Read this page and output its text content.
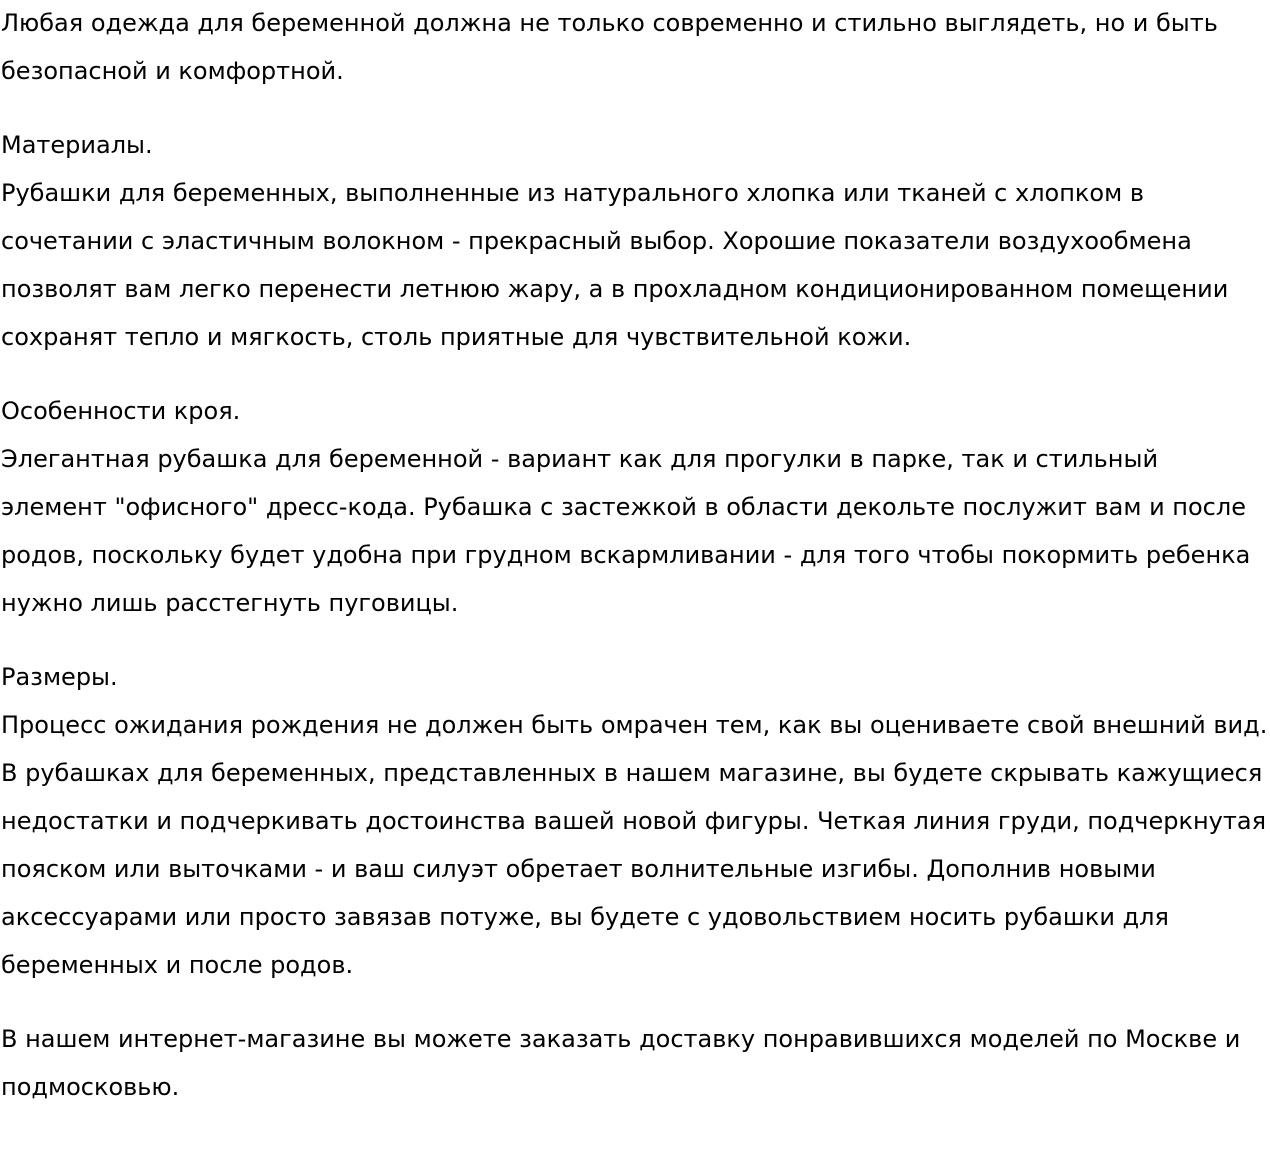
Любая одежда для беременной должна не только современно и стильно выглядеть, но и быть безопасной и комфортной.
Материалы.
Рубашки для беременных, выполненные из натурального хлопка или тканей с хлопком в сочетании с эластичным волокном - прекрасный выбор. Хорошие показатели воздухообмена позволят вам легко перенести летнюю жару, а в прохладном кондиционированном помещении сохранят тепло и мягкость, столь приятные для чувствительной кожи.
Особенности кроя.
Элегантная рубашка для беременной - вариант как для прогулки в парке, так и стильный элемент "офисного" дресс-кода. Рубашка с застежкой в области декольте послужит вам и после родов, поскольку будет удобна при грудном вскармливании - для того чтобы покормить ребенка нужно лишь расстегнуть пуговицы.
Размеры.
Процесс ожидания рождения не должен быть омрачен тем, как вы оцениваете свой внешний вид. В рубашках для беременных, представленных в нашем магазине, вы будете скрывать кажущиеся недостатки и подчеркивать достоинства вашей новой фигуры. Четкая линия груди, подчеркнутая пояском или выточками - и ваш силуэт обретает волнительные изгибы. Дополнив новыми аксессуарами или просто завязав потуже, вы будете с удовольствием носить рубашки для беременных и после родов.
В нашем интернет-магазине вы можете заказать доставку понравившихся моделей по Москве и подмосковью.
